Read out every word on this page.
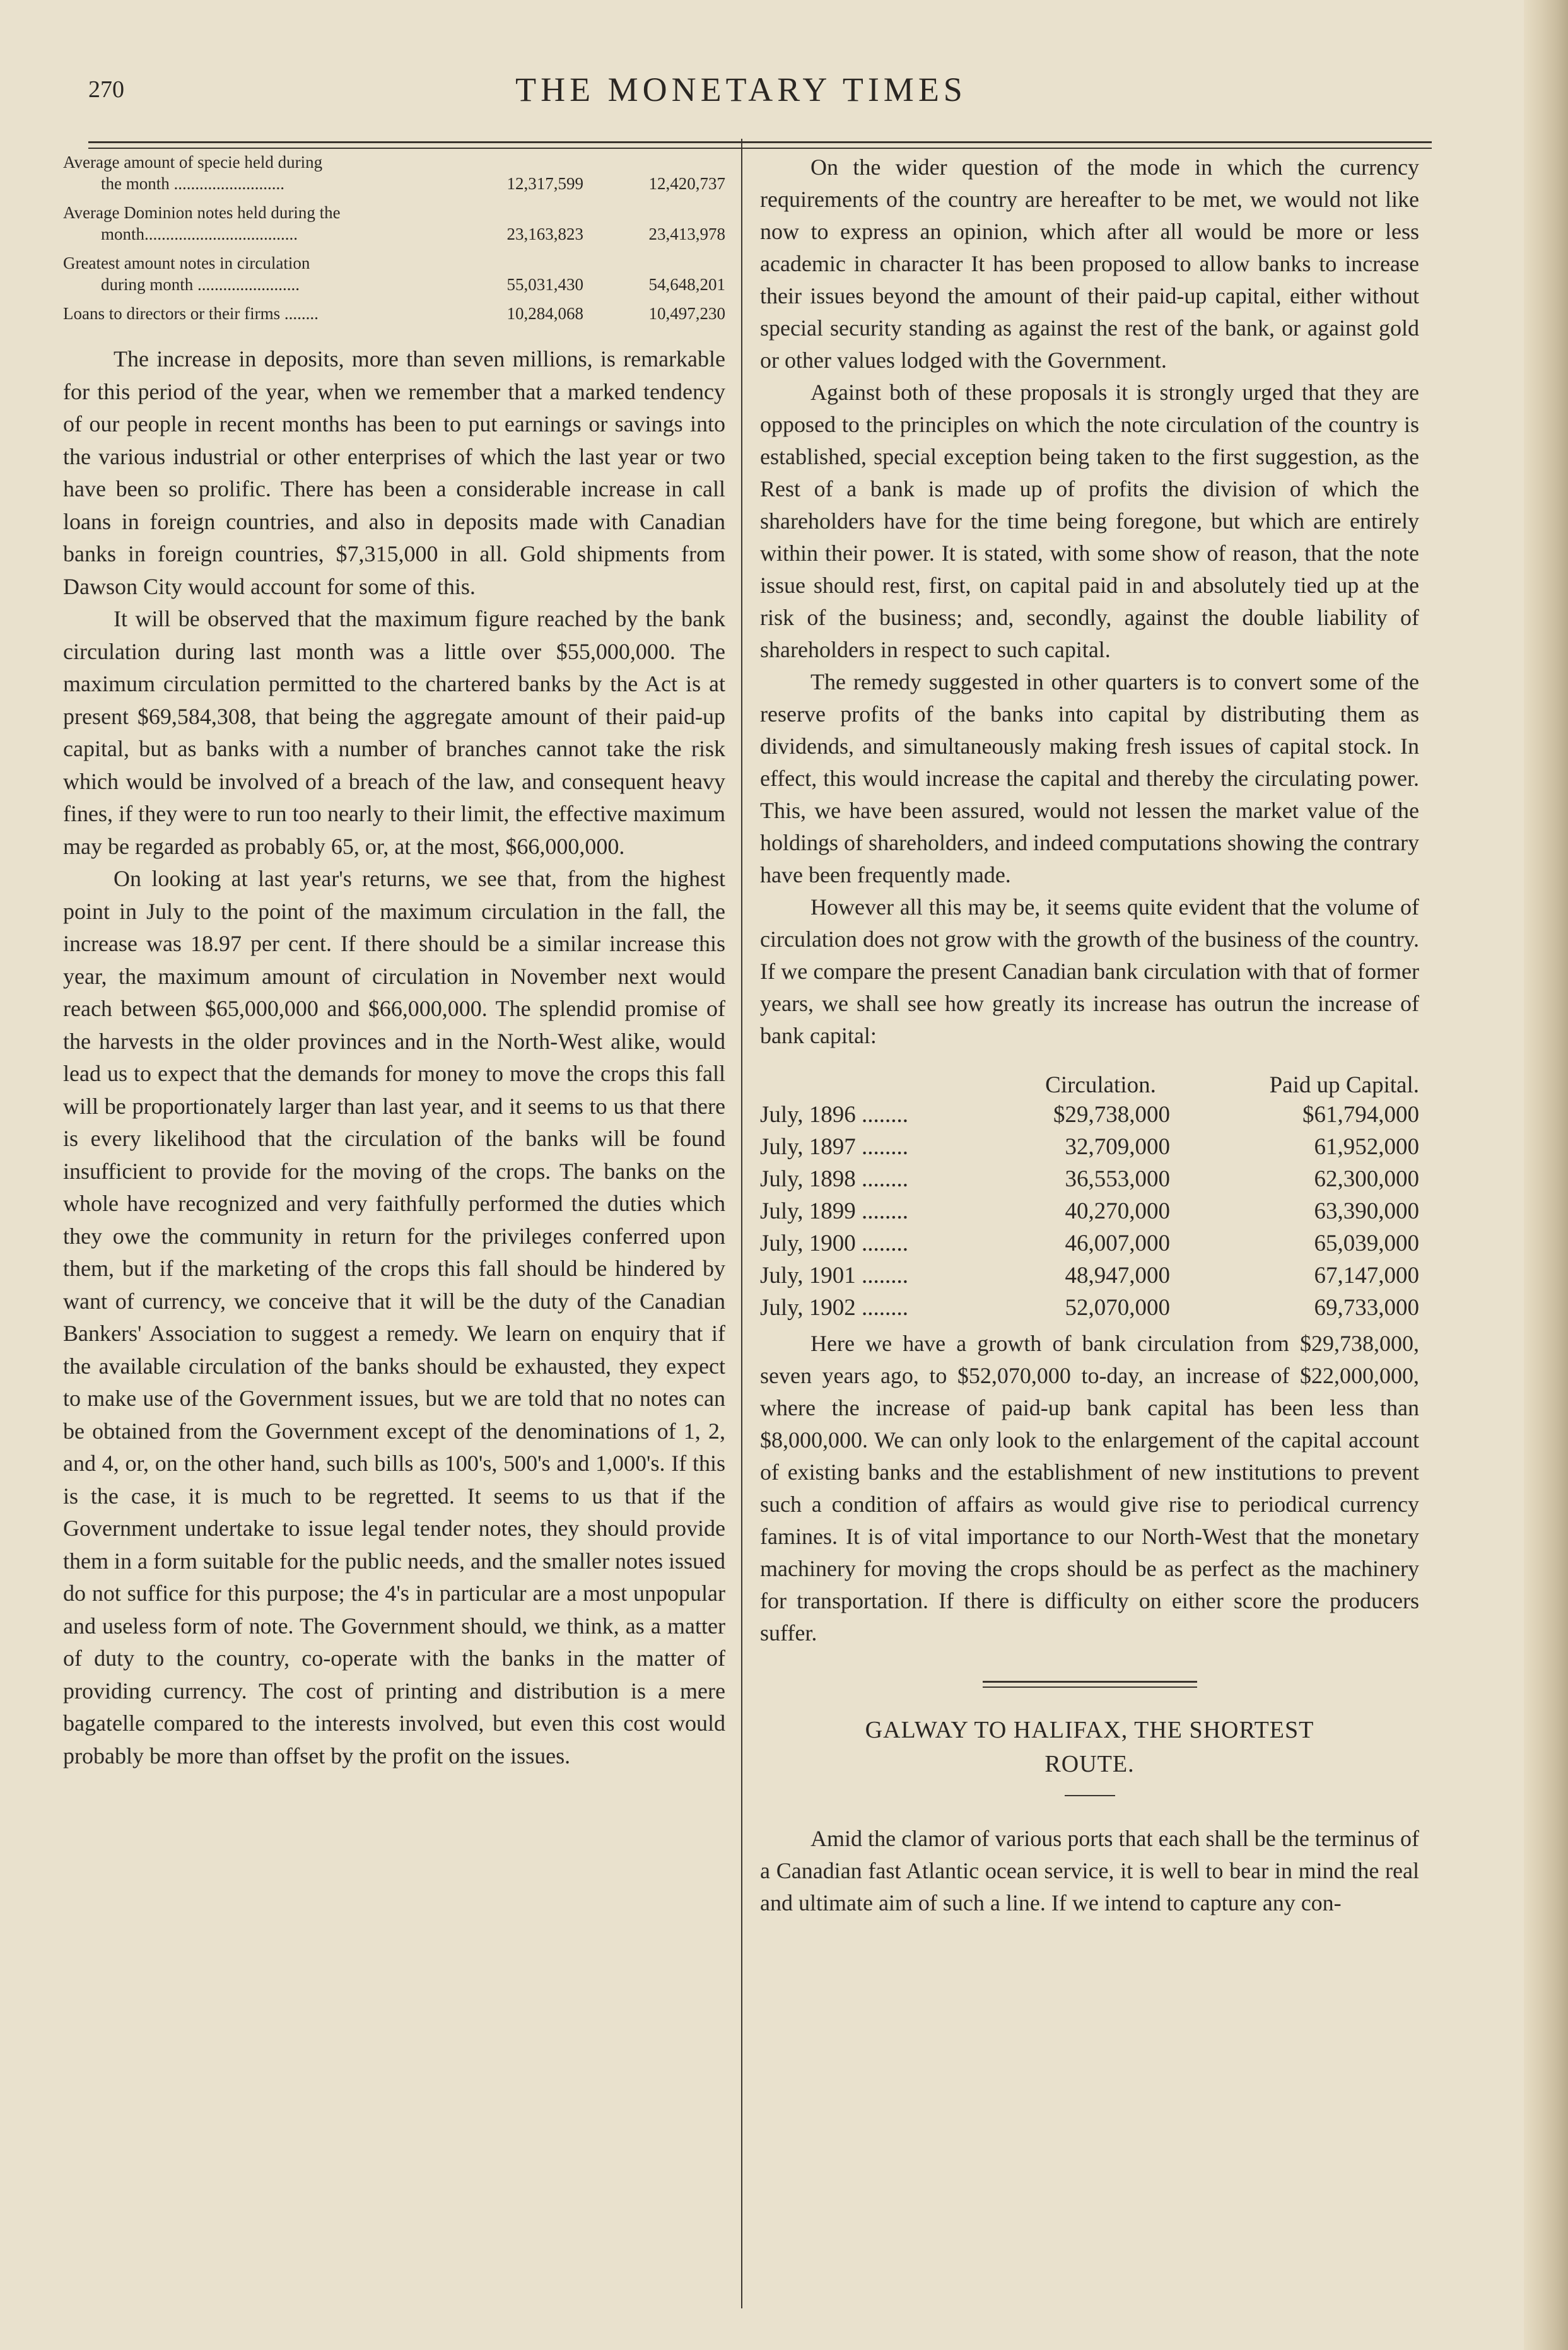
THE MONETARY TIMES
270
Average amount of specie held during
the month ..........................	12,317,599	12,420,737
Average Dominion notes held during the
month....................................	23,163,823	23,413,978
Greatest amount notes in circulation
during month ........................	55,031,430	54,648,201
Loans to directors or their firms ........	10,284,068	10,497,230

The increase in deposits, more than seven millions, is remarkable for this period of the year, when we remember that a marked tendency of our people in recent months has been to put earnings or savings into the various industrial or other enterprises of which the last year or two have been so prolific. There has been a considerable increase in call loans in foreign countries, and also in deposits made with Canadian banks in foreign countries, $7,315,000 in all. Gold shipments from Dawson City would account for some of this.

It will be observed that the maximum figure reached by the bank circulation during last month was a little over $55,000,000. The maximum circulation permitted to the chartered banks by the Act is at present $69,584,308, that being the aggregate amount of their paid-up capital, but as banks with a number of branches cannot take the risk which would be involved of a breach of the law, and consequent heavy fines, if they were to run too nearly to their limit, the effective maximum may be regarded as probably 65, or, at the most, $66,000,000.

On looking at last year's returns, we see that, from the highest point in July to the point of the maximum circulation in the fall, the increase was 18.97 per cent. If there should be a similar increase this year, the maximum amount of circulation in November next would reach between $65,000,000 and $66,000,000. The splendid promise of the harvests in the older provinces and in the North-West alike, would lead us to expect that the demands for money to move the crops this fall will be proportionately larger than last year, and it seems to us that there is every likelihood that the circulation of the banks will be found insufficient to provide for the moving of the crops. The banks on the whole have recognized and very faithfully performed the duties which they owe the community in return for the privileges conferred upon them, but if the marketing of the crops this fall should be hindered by want of currency, we conceive that it will be the duty of the Canadian Bankers' Association to suggest a remedy. We learn on enquiry that if the available circulation of the banks should be exhausted, they expect to make use of the Government issues, but we are told that no notes can be obtained from the Government except of the denominations of 1, 2, and 4, or, on the other hand, such bills as 100's, 500's and 1,000's. If this is the case, it is much to be regretted. It seems to us that if the Government undertake to issue legal tender notes, they should provide them in a form suitable for the public needs, and the smaller notes issued do not suffice for this purpose; the 4's in particular are a most unpopular and useless form of note. The Government should, we think, as a matter of duty to the country, co-operate with the banks in the matter of providing currency. The cost of printing and distribution is a mere bagatelle compared to the interests involved, but even this cost would probably be more than offset by the profit on the issues.

On the wider question of the mode in which the currency requirements of the country are hereafter to be met, we would not like now to express an opinion, which after all would be more or less academic in character It has been proposed to allow banks to increase their issues beyond the amount of their paid-up capital, either without special security standing as against the rest of the bank, or against gold or other values lodged with the Government.

Against both of these proposals it is strongly urged that they are opposed to the principles on which the note circulation of the country is established, special exception being taken to the first suggestion, as the Rest of a bank is made up of profits the division of which the shareholders have for the time being foregone, but which are entirely within their power. It is stated, with some show of reason, that the note issue should rest, first, on capital paid in and absolutely tied up at the risk of the business; and, secondly, against the double liability of shareholders in respect to such capital.

The remedy suggested in other quarters is to convert some of the reserve profits of the banks into capital by distributing them as dividends, and simultaneously making fresh issues of capital stock. In effect, this would increase the capital and thereby the circulating power. This, we have been assured, would not lessen the market value of the holdings of shareholders, and indeed computations showing the contrary have been frequently made.

However all this may be, it seems quite evident that the volume of circulation does not grow with the growth of the business of the country. If we compare the present Canadian bank circulation with that of former years, we shall see how greatly its increase has outrun the increase of bank capital:

Circulation.	Paid up Capital.
July, 1896 ........	$29,738,000	$61,794,000
July, 1897 ........	32,709,000	61,952,000
July, 1898 ........	36,553,000	62,300,000
July, 1899 ........	40,270,000	63,390,000
July, 1900 ........	46,007,000	65,039,000
July, 1901 ........	48,947,000	67,147,000
July, 1902 ........	52,070,000	69,733,000

Here we have a growth of bank circulation from $29,738,000, seven years ago, to $52,070,000 to-day, an increase of $22,000,000, where the increase of paid-up bank capital has been less than $8,000,000. We can only look to the enlargement of the capital account of existing banks and the establishment of new institutions to prevent such a condition of affairs as would give rise to periodical currency famines. It is of vital importance to our North-West that the monetary machinery for moving the crops should be as perfect as the machinery for transportation. If there is difficulty on either score the producers suffer.

GALWAY TO HALIFAX, THE SHORTEST
ROUTE.

Amid the clamor of various ports that each shall be the terminus of a Canadian fast Atlantic ocean service, it is well to bear in mind the real and ultimate aim of such a line. If we intend to capture any con-
